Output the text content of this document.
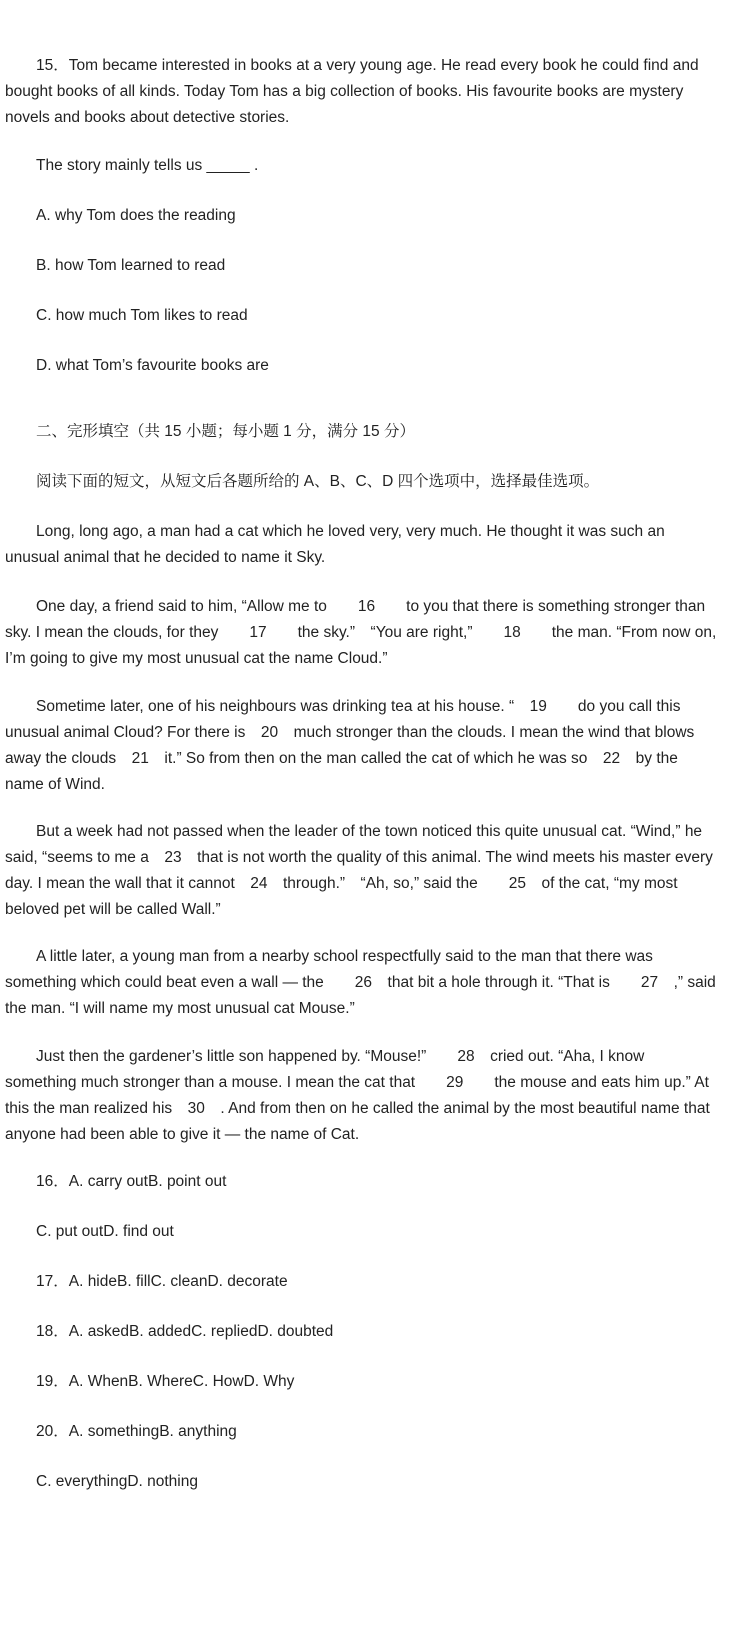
15．Tom became interested in books at a very young age. He read every book he could find and bought books of all kinds. Today Tom has a big collection of books. His favourite books are mystery novels and books about detective stories.

The story mainly tells us _____ .

A. why Tom does the reading

B. how Tom learned to read

C. how much Tom likes to read

D. what Tom’s favourite books are

二、完形填空（共 15 小题；每小题 1 分，满分 15 分）

阅读下面的短文，从短文后各题所给的 A、B、C、D 四个选项中，选择最佳选项。

Long, long ago, a man had a cat which he loved very, very much. He thought it was such an unusual animal that he decided to name it Sky.

One day, a friend said to him, “Allow me to　　16　　to you that there is something stronger than sky. I mean the clouds, for they　　17　　the sky.”　“You are right,”　　18　　the man. “From now on, I’m going to give my most unusual cat the name Cloud.”

Sometime later, one of his neighbours was drinking tea at his house. “　19　　do you call this unusual animal Cloud? For there is　20　much stronger than the clouds. I mean the wind that blows away the clouds　21　it.” So from then on the man called the cat of which he was so　22　by the name of Wind.

But a week had not passed when the leader of the town noticed this quite unusual cat. “Wind,” he said, “seems to me a　23　that is not worth the quality of this animal. The wind meets his master every day. I mean the wall that it cannot　24　through.”　“Ah, so,” said the　　25　of the cat, “my most beloved pet will be called Wall.”

A little later, a young man from a nearby school respectfully said to the man that there was something which could beat even a wall — the　　26　that bit a hole through it. “That is　　27　,” said the man. “I will name my most unusual cat Mouse.”

Just then the gardener’s little son happened by. “Mouse!”　　28　cried out. “Aha, I know something much stronger than a mouse. I mean the cat that　　29　　the mouse and eats him up.” At this the man realized his　30　. And from then on he called the animal by the most beautiful name that anyone had been able to give it — the name of Cat.

16．A. carry outB. point out

C. put outD. find out

17．A. hideB. fillC. cleanD. decorate

18．A. askedB. addedC. repliedD. doubted

19．A. WhenB. WhereC. HowD. Why

20．A. somethingB. anything

C. everythingD. nothing
